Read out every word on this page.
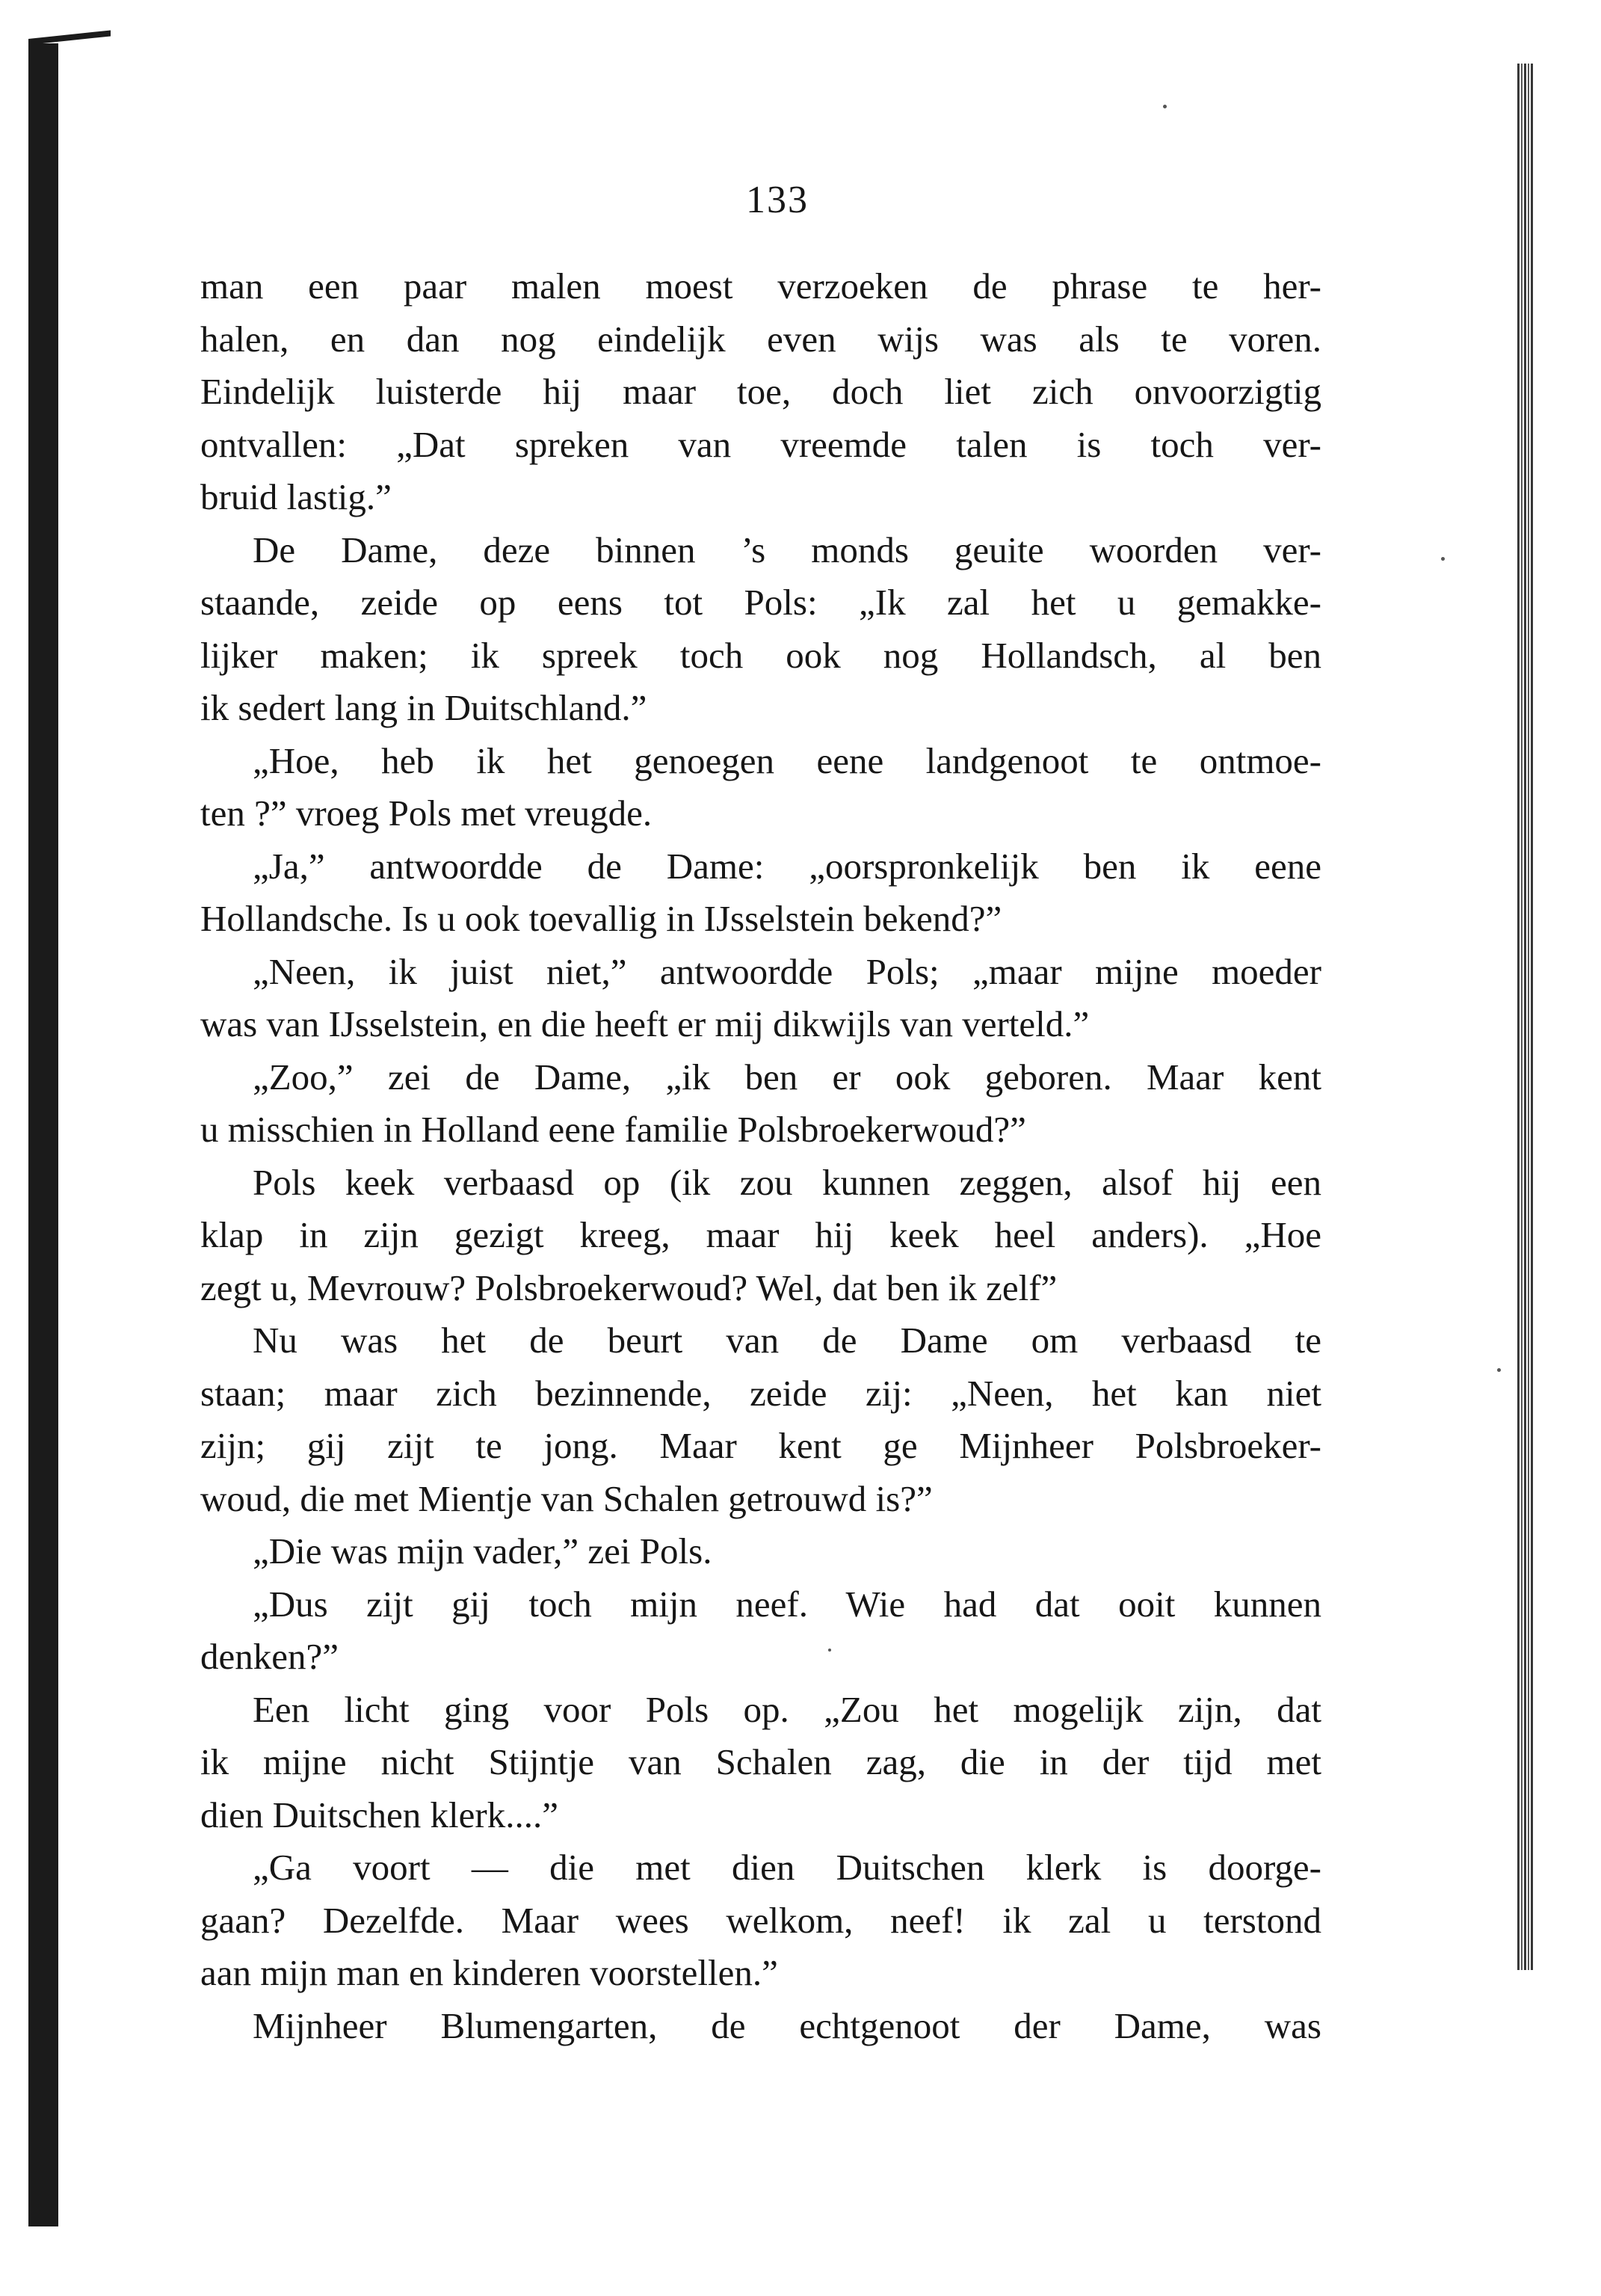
133
man een paar malen moest verzoeken de phrase te her-
halen, en dan nog eindelijk even wijs was als te voren.
Eindelijk luisterde hij maar toe, doch liet zich onvoorzigtig
ontvallen: „Dat spreken van vreemde talen is toch ver-
bruid lastig.”
De Dame, deze binnen ’s monds geuite woorden ver-
staande, zeide op eens tot Pols: „Ik zal het u gemakke-
lijker maken; ik spreek toch ook nog Hollandsch, al ben
ik sedert lang in Duitschland.”
„Hoe, heb ik het genoegen eene landgenoot te ontmoe-
ten ?” vroeg Pols met vreugde.
„Ja,” antwoordde de Dame: „oorspronkelijk ben ik eene
Hollandsche. Is u ook toevallig in IJsselstein bekend?”
„Neen, ik juist niet,” antwoordde Pols; „maar mijne moeder
was van IJsselstein, en die heeft er mij dikwijls van verteld.”
„Zoo,” zei de Dame, „ik ben er ook geboren. Maar kent
u misschien in Holland eene familie Polsbroekerwoud?”
Pols keek verbaasd op (ik zou kunnen zeggen, alsof hij een
klap in zijn gezigt kreeg, maar hij keek heel anders). „Hoe
zegt u, Mevrouw? Polsbroekerwoud? Wel, dat ben ik zelf”
Nu was het de beurt van de Dame om verbaasd te
staan; maar zich bezinnende, zeide zij: „Neen, het kan niet
zijn; gij zijt te jong. Maar kent ge Mijnheer Polsbroeker-
woud, die met Mientje van Schalen getrouwd is?”
„Die was mijn vader,” zei Pols.
„Dus zijt gij toch mijn neef. Wie had dat ooit kunnen
denken?”
Een licht ging voor Pols op. „Zou het mogelijk zijn, dat
ik mijne nicht Stijntje van Schalen zag, die in der tijd met
dien Duitschen klerk....”
„Ga voort — die met dien Duitschen klerk is doorge-
gaan? Dezelfde. Maar wees welkom, neef! ik zal u terstond
aan mijn man en kinderen voorstellen.”
Mijnheer Blumengarten, de echtgenoot der Dame, was
